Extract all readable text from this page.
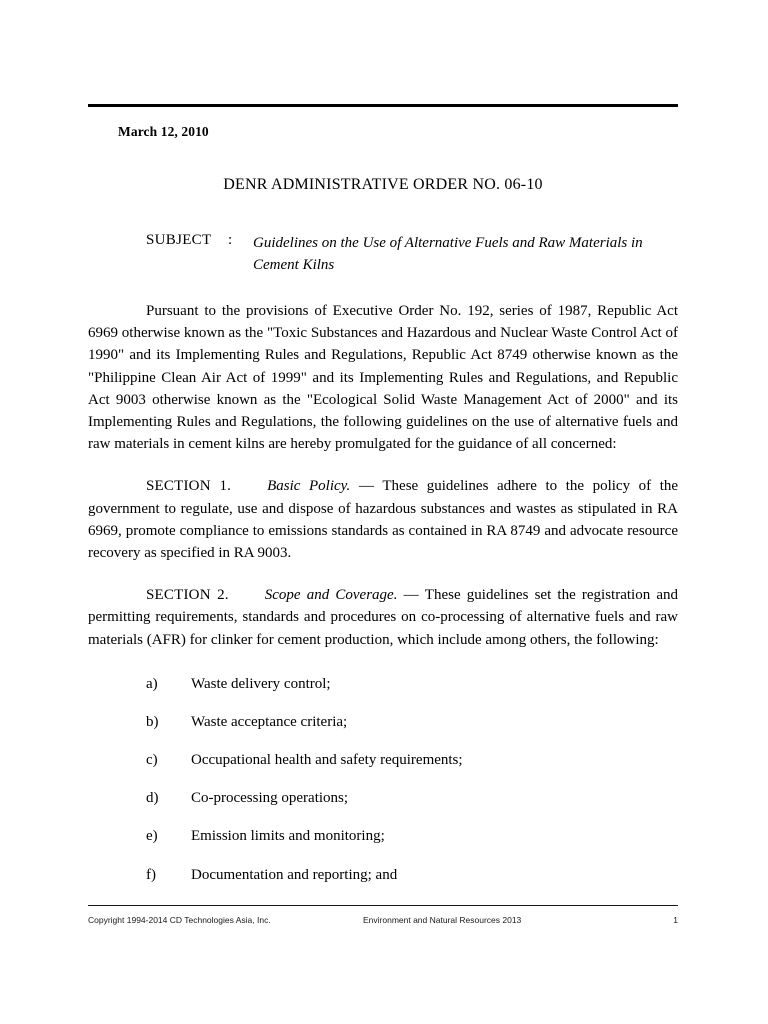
March 12, 2010
DENR ADMINISTRATIVE ORDER NO. 06-10
SUBJECT	:	Guidelines on the Use of Alternative Fuels and Raw Materials in Cement Kilns

Pursuant to the provisions of Executive Order No. 192, series of 1987, Republic Act 6969 otherwise known as the "Toxic Substances and Hazardous and Nuclear Waste Control Act of 1990" and its Implementing Rules and Regulations, Republic Act 8749 otherwise known as the "Philippine Clean Air Act of 1999" and its Implementing Rules and Regulations, and Republic Act 9003 otherwise known as the "Ecological Solid Waste Management Act of 2000" and its Implementing Rules and Regulations, the following guidelines on the use of alternative fuels and raw materials in cement kilns are hereby promulgated for the guidance of all concerned:

SECTION 1. Basic Policy. — These guidelines adhere to the policy of the government to regulate, use and dispose of hazardous substances and wastes as stipulated in RA 6969, promote compliance to emissions standards as contained in RA 8749 and advocate resource recovery as specified in RA 9003.

SECTION 2. Scope and Coverage. — These guidelines set the registration and permitting requirements, standards and procedures on co-processing of alternative fuels and raw materials (AFR) for clinker for cement production, which include among others, the following:

a)	Waste delivery control;
b)	Waste acceptance criteria;
c)	Occupational health and safety requirements;
d)	Co-processing operations;
e)	Emission limits and monitoring;
f)	Documentation and reporting; and
Copyright 1994-2014 CD Technologies Asia, Inc.	Environment and Natural Resources 2013	1
